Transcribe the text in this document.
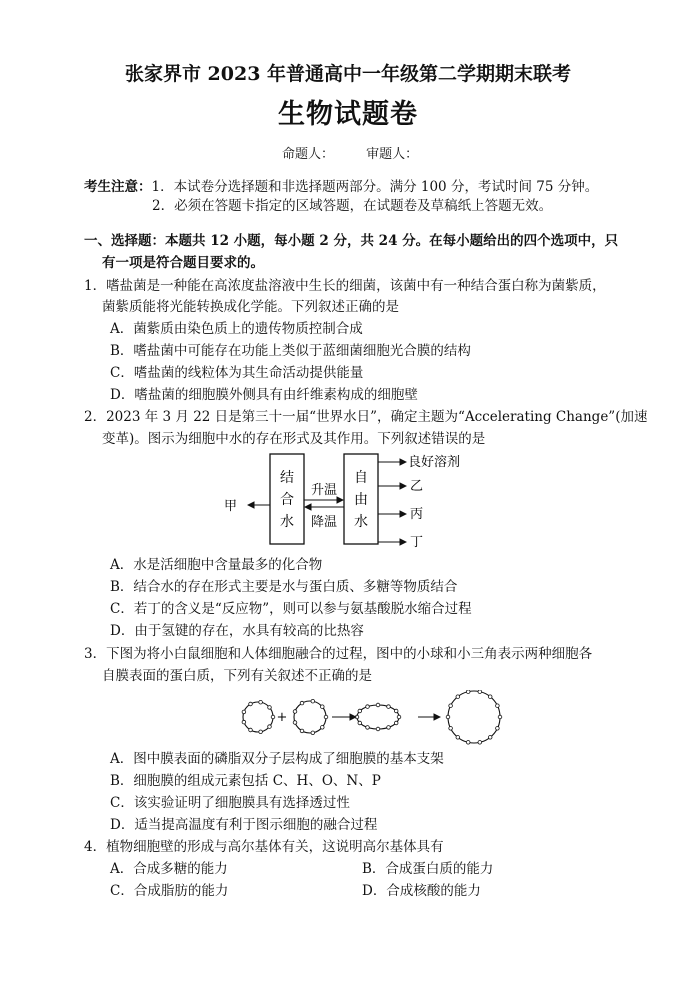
张家界市 2023 年普通高中一年级第二学期期末联考
生物试题卷
命题人： 审题人：
考生注意：1．本试卷分选择题和非选择题两部分。满分 100 分，考试时间 75 分钟。
2．必须在答题卡指定的区域答题，在试题卷及草稿纸上答题无效。
一、选择题：本题共 12 小题，每小题 2 分，共 24 分。在每小题给出的四个选项中，只
有一项是符合题目要求的。
1．嗜盐菌是一种能在高浓度盐溶液中生长的细菌，该菌中有一种结合蛋白称为菌紫质，
菌紫质能将光能转换成化学能。下列叙述正确的是
A．菌紫质由染色质上的遗传物质控制合成
B．嗜盐菌中可能存在功能上类似于蓝细菌细胞光合膜的结构
C．嗜盐菌的线粒体为其生命活动提供能量
D．嗜盐菌的细胞膜外侧具有由纤维素构成的细胞壁
2．2023 年 3 月 22 日是第三十一届“世界水日”，确定主题为“Accelerating Change”(加速
变革)。图示为细胞中水的存在形式及其作用。下列叙述错误的是
结
合
水
自
由
水
升温
降温
甲
良好溶剂
乙
丙
丁
A．水是活细胞中含量最多的化合物
B．结合水的存在形式主要是水与蛋白质、多糖等物质结合
C．若丁的含义是“反应物”，则可以参与氨基酸脱水缩合过程
D．由于氢键的存在，水具有较高的比热容
3．下图为将小白鼠细胞和人体细胞融合的过程，图中的小球和小三角表示两种细胞各
自膜表面的蛋白质，下列有关叙述不正确的是
+
A．图中膜表面的磷脂双分子层构成了细胞膜的基本支架
B．细胞膜的组成元素包括 C、H、O、N、P
C．该实验证明了细胞膜具有选择透过性
D．适当提高温度有利于图示细胞的融合过程
4．植物细胞壁的形成与高尔基体有关，这说明高尔基体具有
A．合成多糖的能力	B．合成蛋白质的能力
C．合成脂肪的能力	D．合成核酸的能力
